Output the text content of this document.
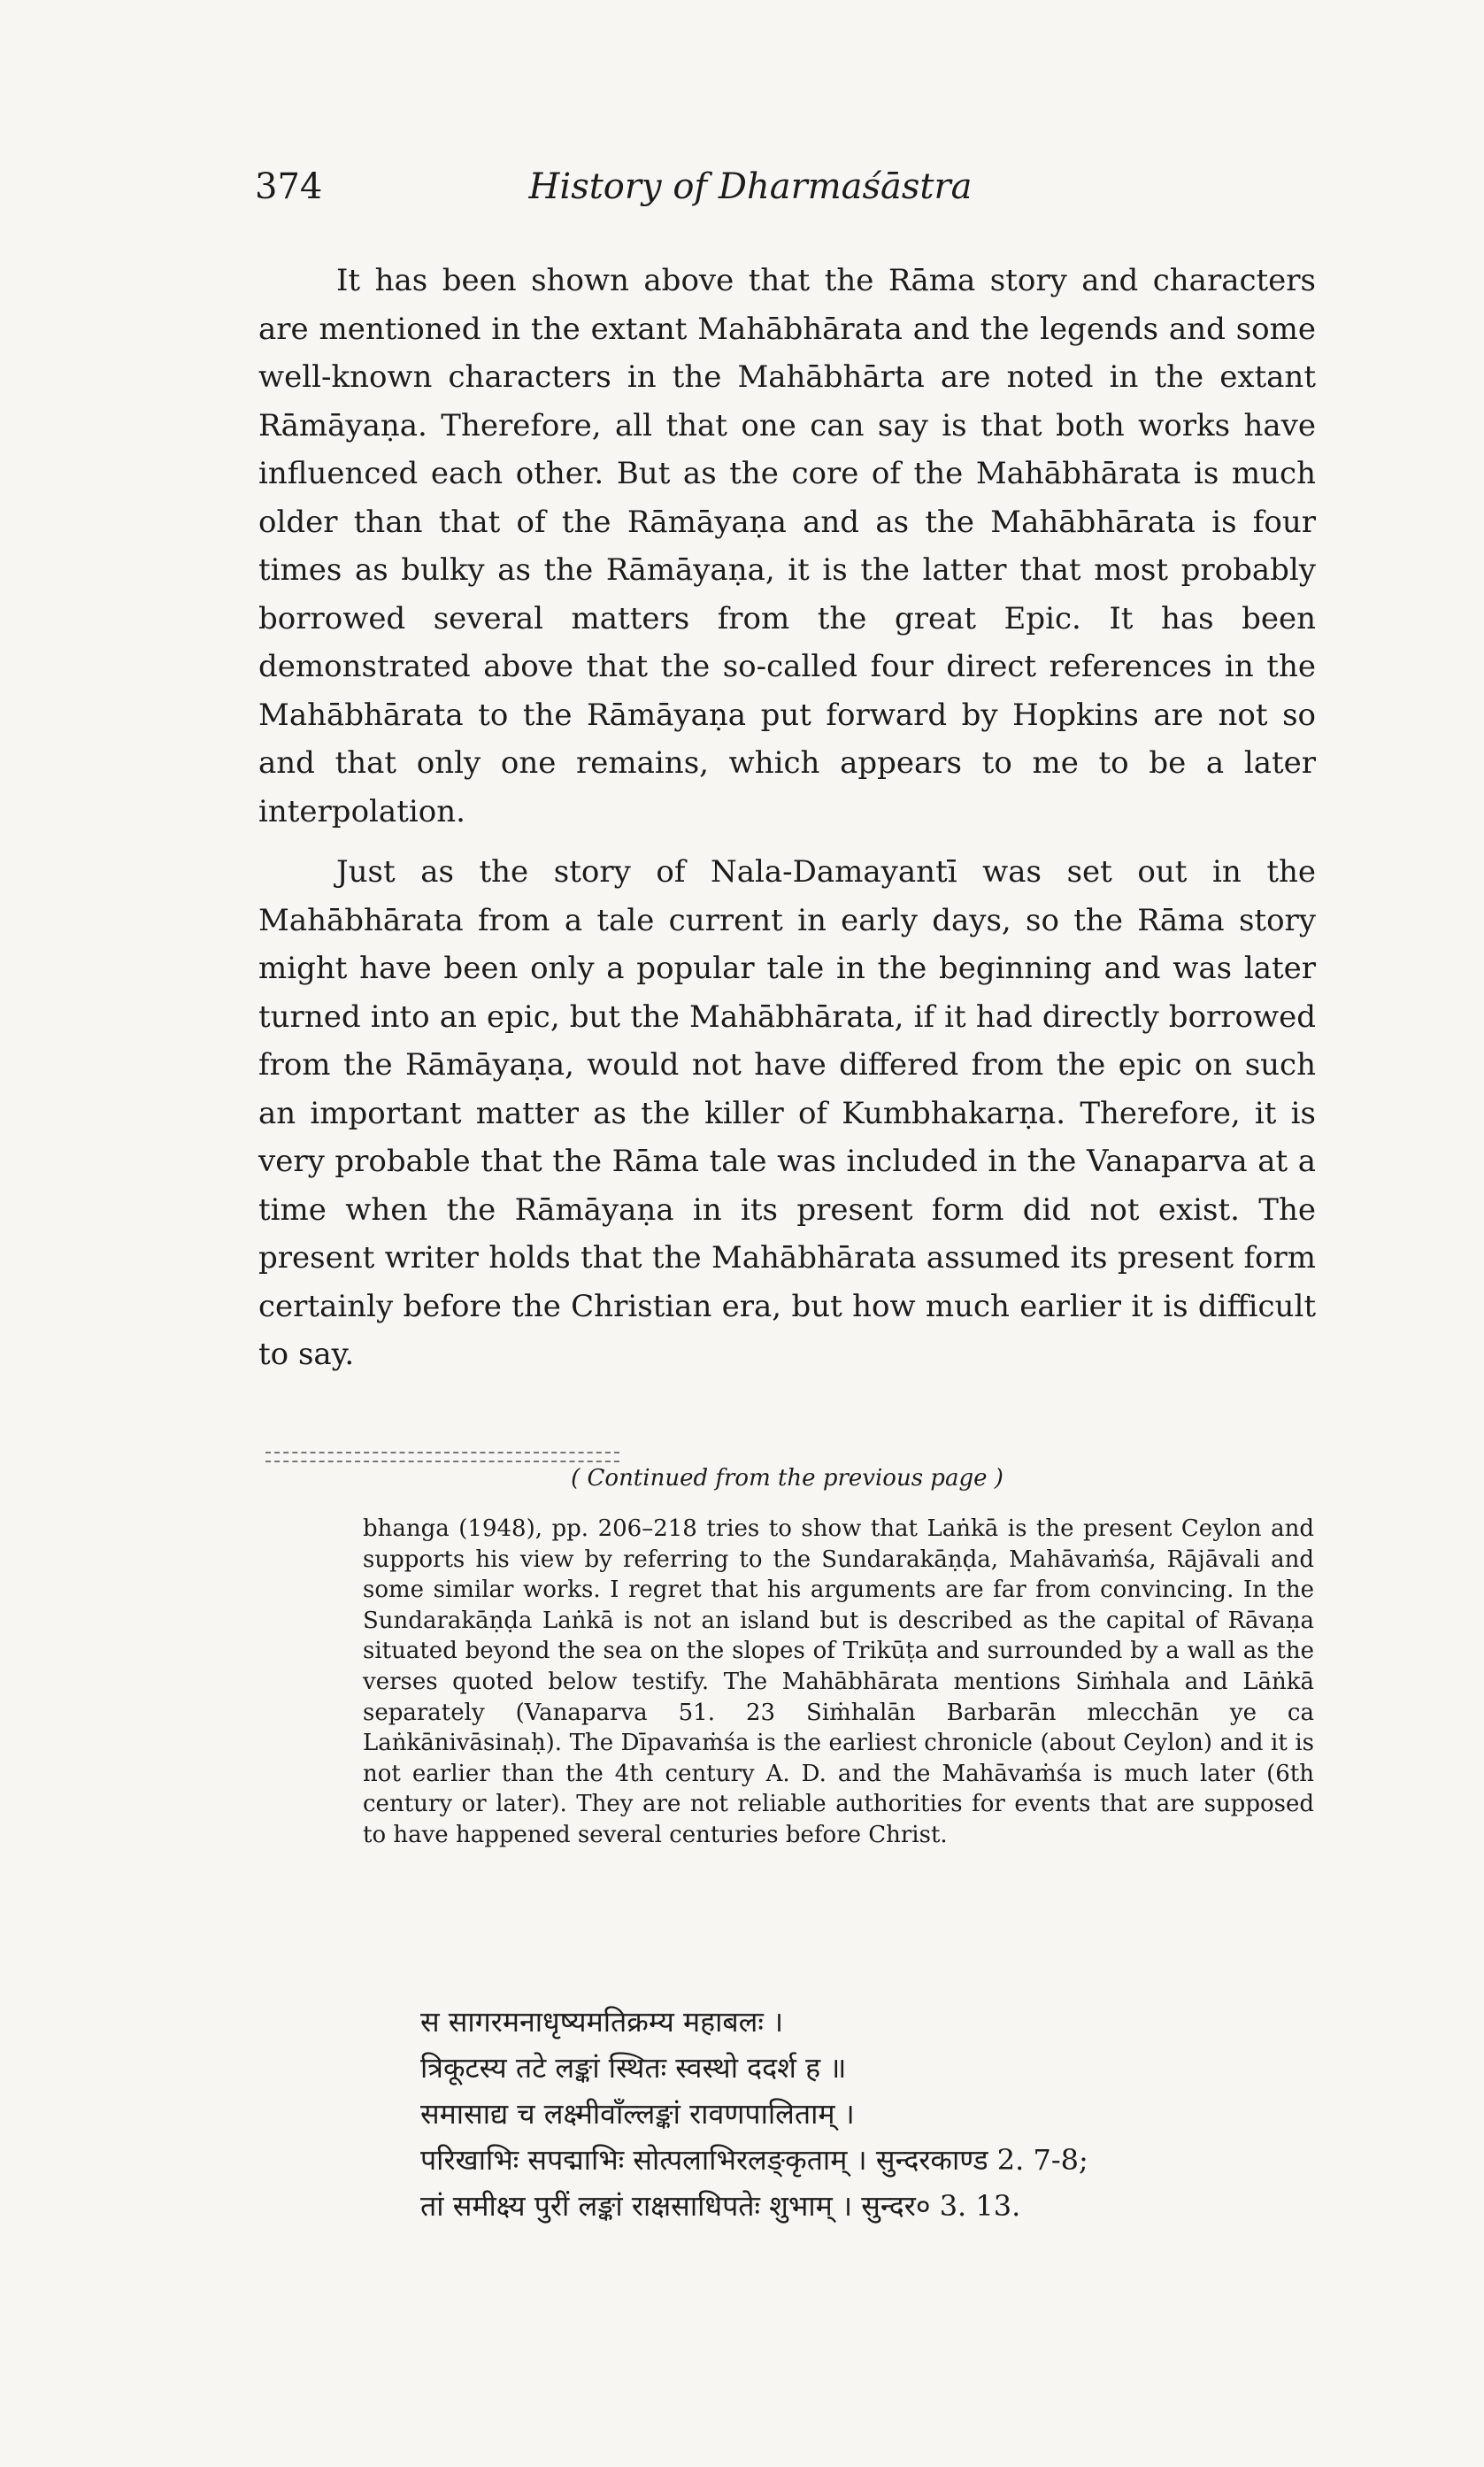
374	History of Dharmaśāstra

It has been shown above that the Rāma story and characters are mentioned in the extant Mahābhārata and the legends and some well-known characters in the Mahābhārta are noted in the extant Rāmāyaṇa. Therefore, all that one can say is that both works have influenced each other. But as the core of the Mahābhārata is much older than that of the Rāmāyaṇa and as the Mahābhārata is four times as bulky as the Rāmāyaṇa, it is the latter that most probably borrowed several matters from the great Epic. It has been demonstrated above that the so-called four direct references in the Mahābhārata to the Rāmāyaṇa put forward by Hopkins are not so and that only one remains, which appears to me to be a later interpolation.

Just as the story of Nala-Damayantī was set out in the Mahābhārata from a tale current in early days, so the Rāma story might have been only a popular tale in the beginning and was later turned into an epic, but the Mahābhārata, if it had directly borrowed from the Rāmāyaṇa, would not have differed from the epic on such an important matter as the killer of Kumbhakarṇa. Therefore, it is very probable that the Rāma tale was included in the Vanaparva at a time when the Rāmāyaṇa in its present form did not exist. The present writer holds that the Mahābhārata assumed its present form certainly before the Christian era, but how much earlier it is difficult to say.

( Continued from the previous page )

bhanga (1948), pp. 206–218 tries to show that Laṅkā is the present Ceylon and supports his view by referring to the Sundarakāṇḍa, Mahāvaṁśa, Rājāvali and some similar works. I regret that his arguments are far from convincing. In the Sundarakāṇḍa Laṅkā is not an island but is described as the capital of Rāvaṇa situated beyond the sea on the slopes of Trikūṭa and surrounded by a wall as the verses quoted below testify. The Mahābhārata mentions Siṁhala and Lāṅkā separately (Vanaparva 51. 23 Siṁhalān Barbarān mlecchān ye ca Laṅkānivāsinaḥ). The Dīpavaṁśa is the earliest chronicle (about Ceylon) and it is not earlier than the 4th century A. D. and the Mahāvaṁśa is much later (6th century or later). They are not reliable authorities for events that are supposed to have happened several centuries before Christ.

स सागरमनाधृष्यमतिक्रम्य महाबलः ।
त्रिकूटस्य तटे लङ्कां स्थितः स्वस्थो ददर्श ह ॥
समासाद्य च लक्ष्मीवाँल्लङ्कां रावणपालिताम् ।
परिखाभिः सपद्माभिः सोत्पलाभिरलङ्कृताम् । सुन्दरकाण्ड 2. 7-8;
तां समीक्ष्य पुरीं लङ्कां राक्षसाधिपतेः शुभाम् । सुन्दर० 3. 13.
